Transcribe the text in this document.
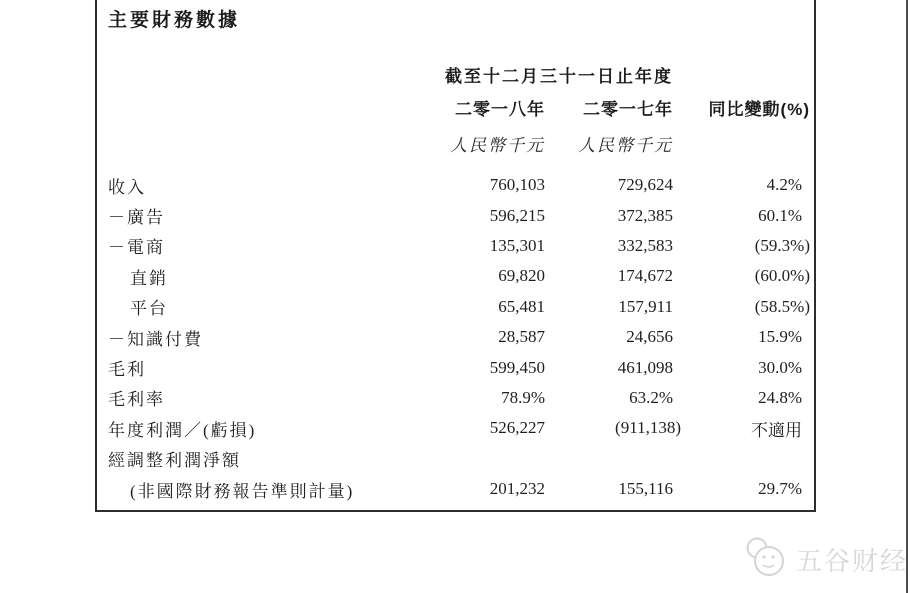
主要財務數據
截至十二月三十一日止年度
二零一八年	二零一七年	同比變動(%)
人民幣千元	人民幣千元
收入	760,103	729,624	4.2%
－廣告	596,215	372,385	60.1%
－電商	135,301	332,583	(59.3%)
直銷	69,820	174,672	(60.0%)
平台	65,481	157,911	(58.5%)
－知識付費	28,587	24,656	15.9%
毛利	599,450	461,098	30.0%
毛利率	78.9%	63.2%	24.8%
年度利潤／(虧損)	526,227	(911,138)	不適用
經調整利潤淨額
(非國際財務報告準則計量)	201,232	155,116	29.7%
五谷财经
